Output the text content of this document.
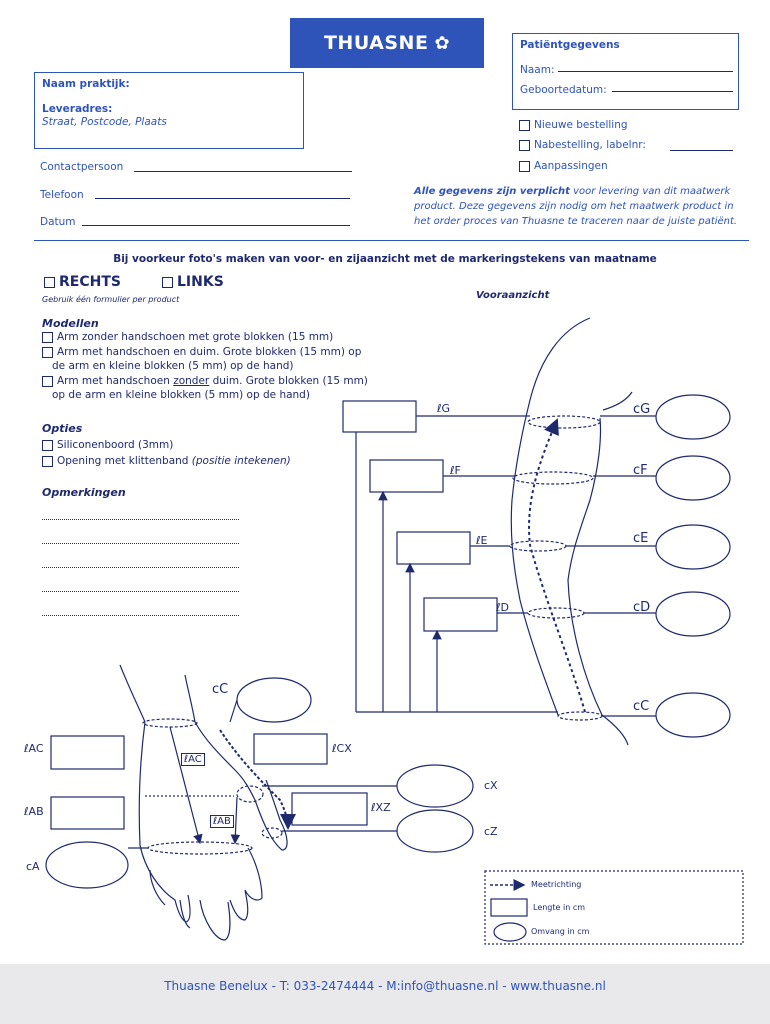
THUASNE ✿	Patiëntgegevens
Naam:
Geboortedatum:
Naam praktijk:
Leveradres:
Straat, Postcode, Plaats	Nieuwe bestelling
Nabestelling, labelnr:
Aanpassingen
Contactpersoon
Telefoon
Datum
Alle gegevens zijn verplicht voor levering van dit maatwerk
product. Deze gegevens zijn nodig om het maatwerk product in
het order proces van Thuasne te traceren naar de juiste patiënt.
Bij voorkeur foto's maken van voor- en zijaanzicht met de markeringstekens van maatname
RECHTS	LINKS
Gebruik één formulier per product	Vooraanzicht
Modellen
Arm zonder handschoen met grote blokken (15 mm)
Arm met handschoen en duim. Grote blokken (15 mm) op
de arm en kleine blokken (5 mm) op de hand)
Arm met handschoen zonder duim. Grote blokken (15 mm)
op de arm en kleine blokken (5 mm) op de hand)
Opties
Siliconenboord (3mm)
Opening met klittenband (positie intekenen)
Opmerkingen
ℓG
ℓF
ℓE
ℓD
cG
cF
cE
cD
cC
cC
ℓAC
ℓAC
ℓAB
ℓAB
cA
ℓCX
ℓXZ
cX
cZ
Meetrichting
Lengte in cm
Omvang in cm
Thuasne Benelux - T: 033-2474444 - M:info@thuasne.nl - www.thuasne.nl
